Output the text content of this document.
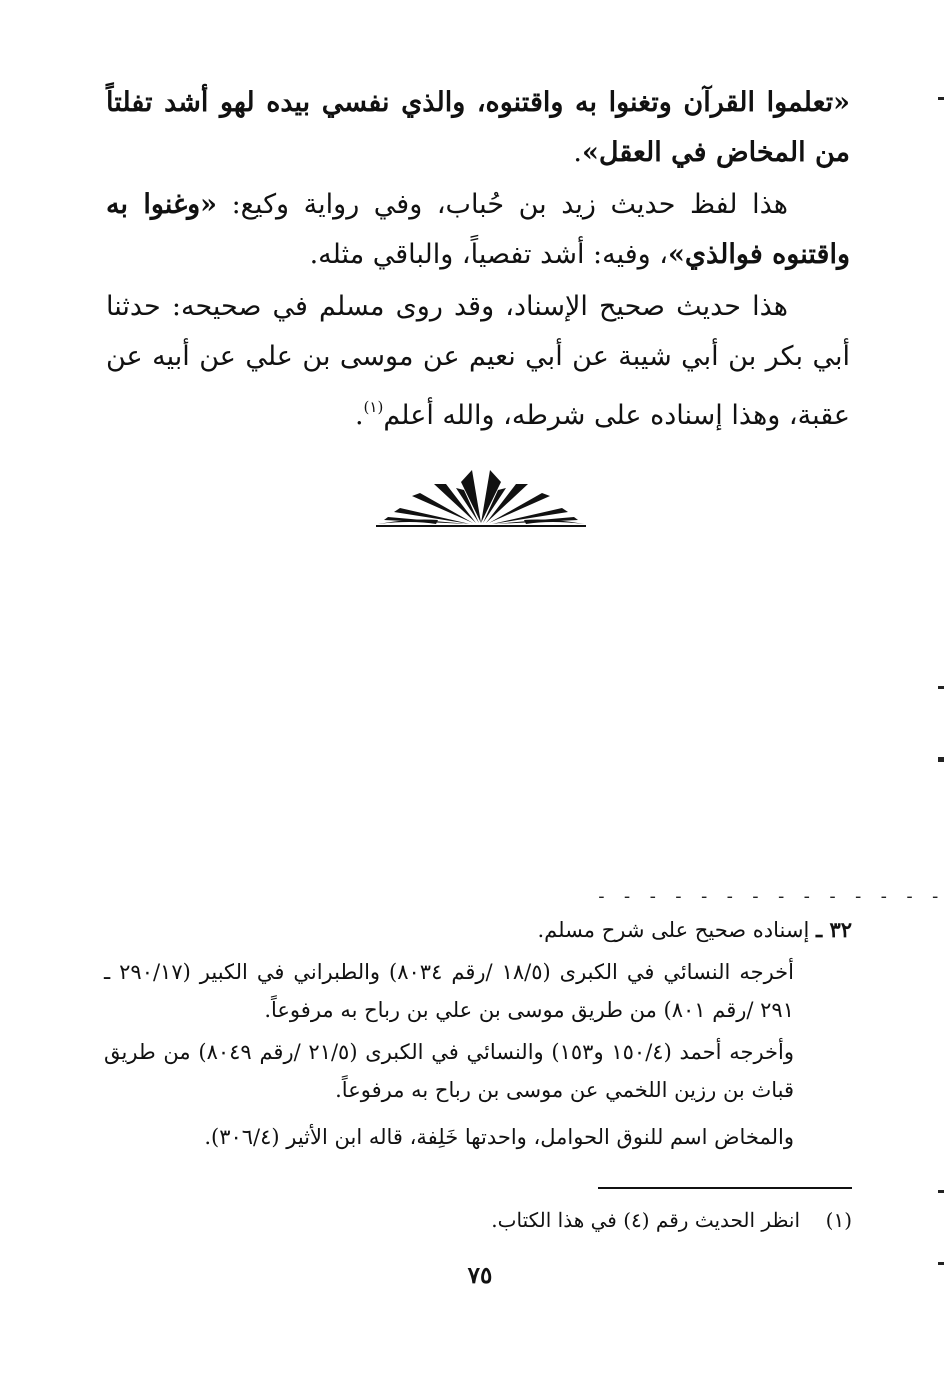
«تعلموا القرآن وتغنوا به واقتنوه، والذي نفسي بيده لهو أشد تفلتاً من المخاض في العقل».

هذا لفظ حديث زيد بن حُباب، وفي رواية وكيع: «وغنوا به واقتنوه فوالذي»، وفيه: أشد تفصياً، والباقي مثله.

هذا حديث صحيح الإسناد، وقد روى مسلم في صحيحه: حدثنا أبي بكر بن أبي شيبة عن أبي نعيم عن موسى بن علي عن أبيه عن عقبة، وهذا إسناده على شرطه، والله أعلم$^{(١)}$.

- - - - - - - - - - - - - -

٣٢ ـ إسناده صحيح على شرح مسلم.

أخرجه النسائي في الكبرى (١٨/٥ /رقم ٨٠٣٤) والطبراني في الكبير (٢٩٠/١٧ ـ ٢٩١ /رقم ٨٠١) من طريق موسى بن علي بن رباح به مرفوعاً.

وأخرجه أحمد (١٥٠/٤ و١٥٣) والنسائي في الكبرى (٢١/٥ /رقم ٨٠٤٩) من طريق قباث بن رزين اللخمي عن موسى بن رباح به مرفوعاً.

والمخاض اسم للنوق الحوامل، واحدتها خَلِفة، قاله ابن الأثير (٣٠٦/٤).

(١)انظر الحديث رقم (٤) في هذا الكتاب.

٧٥
